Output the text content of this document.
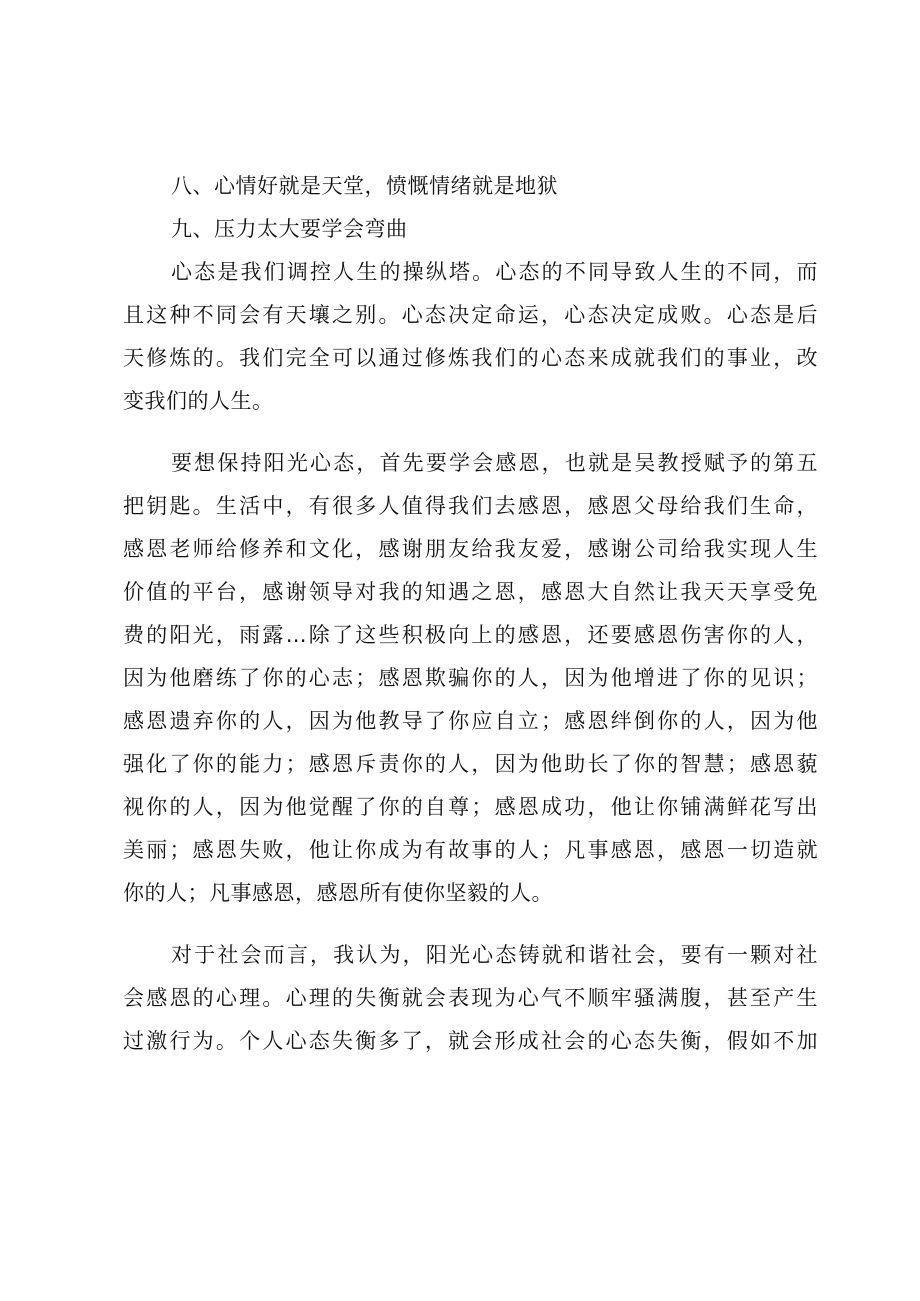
八、心情好就是天堂，愤慨情绪就是地狱
九、压力太大要学会弯曲
心态是我们调控人生的操纵塔。心态的不同导致人生的不同，而
且这种不同会有天壤之别。心态决定命运，心态决定成败。心态是后
天修炼的。我们完全可以通过修炼我们的心态来成就我们的事业，改
变我们的人生。
要想保持阳光心态，首先要学会感恩，也就是吴教授赋予的第五
把钥匙。生活中，有很多人值得我们去感恩，感恩父母给我们生命，
感恩老师给修养和文化，感谢朋友给我友爱，感谢公司给我实现人生
价值的平台，感谢领导对我的知遇之恩，感恩大自然让我天天享受免
费的阳光，雨露…除了这些积极向上的感恩，还要感恩伤害你的人，
因为他磨练了你的心志；感恩欺骗你的人，因为他增进了你的见识；
感恩遗弃你的人，因为他教导了你应自立；感恩绊倒你的人，因为他
强化了你的能力；感恩斥责你的人，因为他助长了你的智慧；感恩藐
视你的人，因为他觉醒了你的自尊；感恩成功，他让你铺满鲜花写出
美丽；感恩失败，他让你成为有故事的人；凡事感恩，感恩一切造就
你的人；凡事感恩，感恩所有使你坚毅的人。
对于社会而言，我认为，阳光心态铸就和谐社会，要有一颗对社
会感恩的心理。心理的失衡就会表现为心气不顺牢骚满腹，甚至产生
过激行为。个人心态失衡多了，就会形成社会的心态失衡，假如不加
